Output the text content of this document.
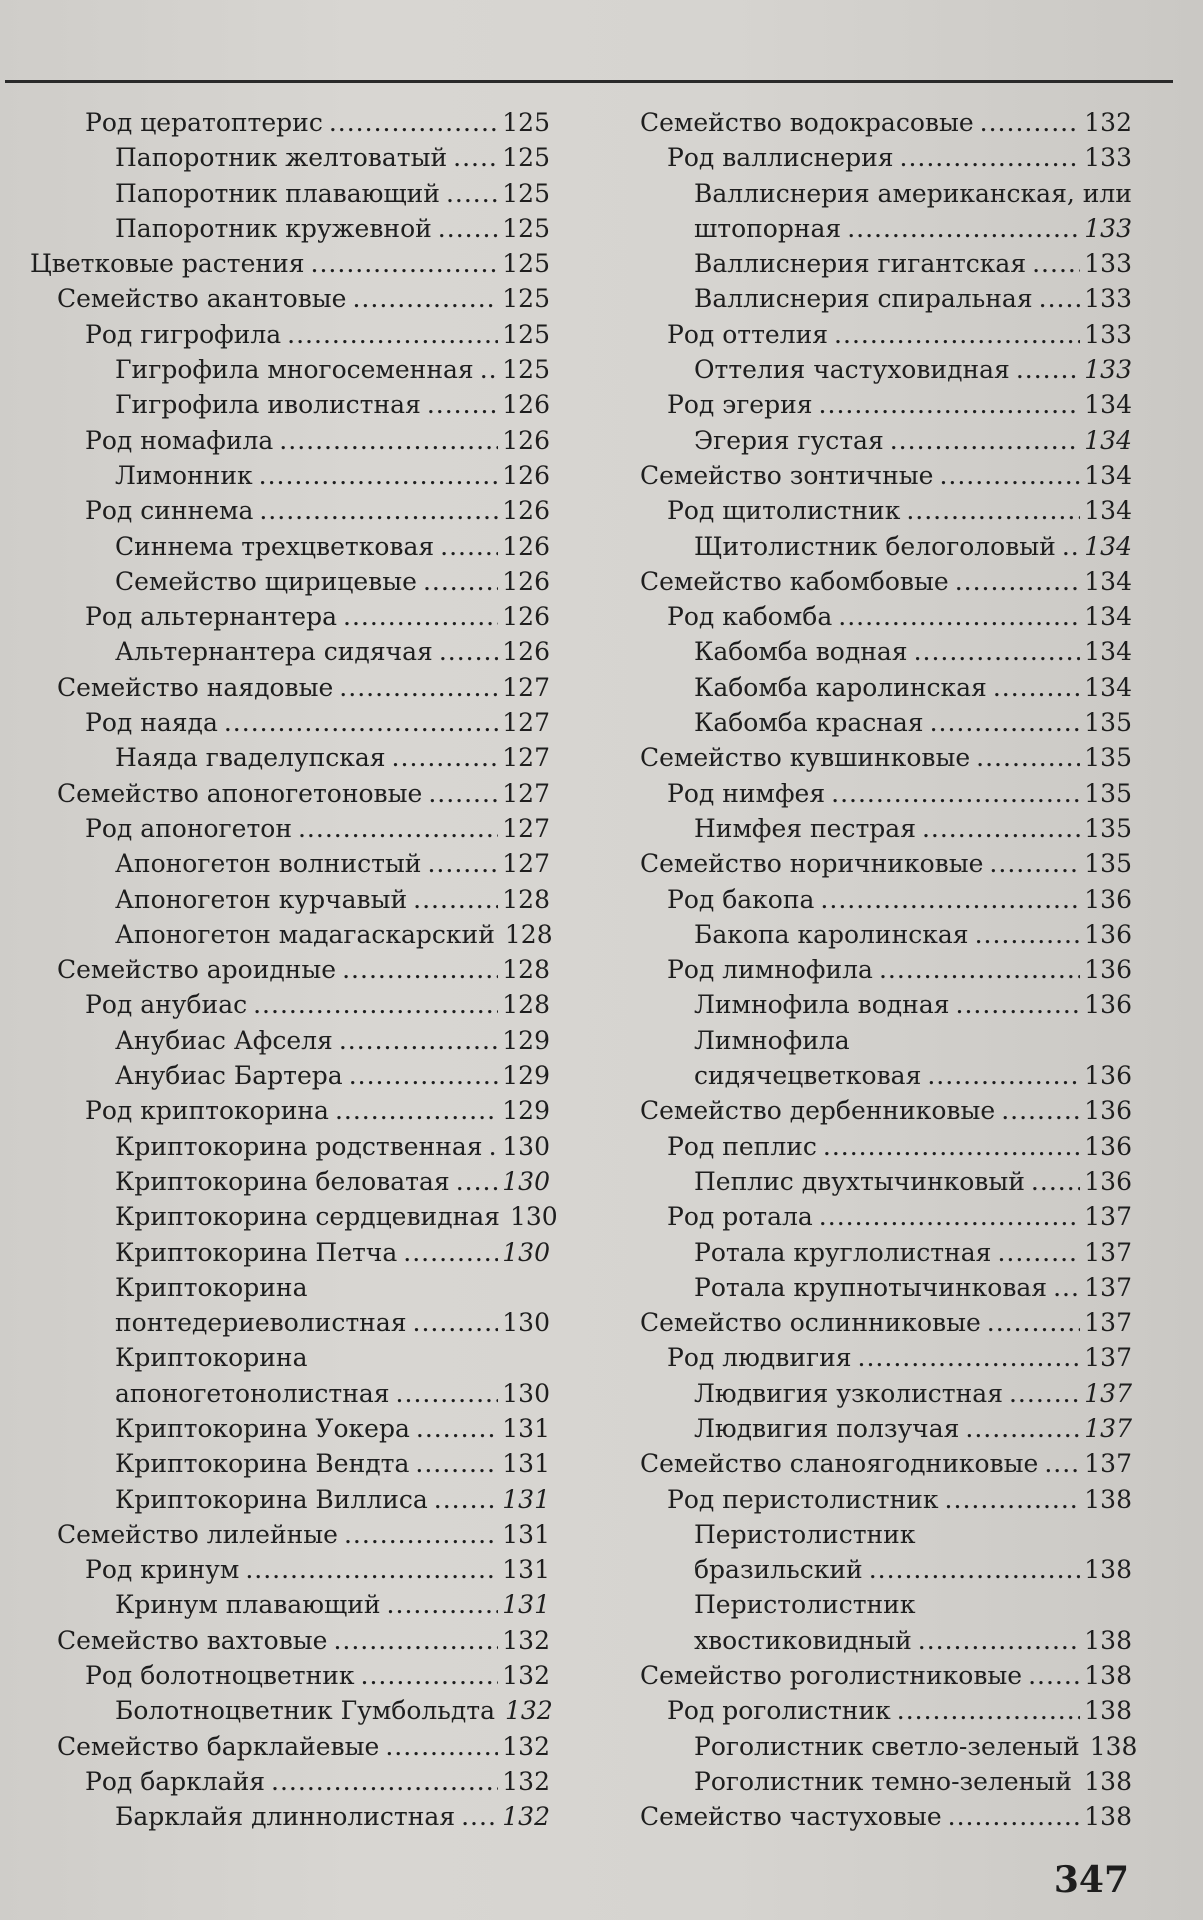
Род цератоптерис .....	125
Папоротник желтоватый ..... 125
Папоротник плавающий ..... 125
Папоротник кружевной .....	125
Цветковые растения .....	125
Семейство акантовые .....	125
Род гигрофила .....	125
Гигрофила многосеменная ..... 125
Гигрофила иволистная .....	126
Род номафила .....	126
Лимонник .....	126
Род синнема .....	126
Синнема трехцветковая .....	126
Семейство щирицевые .....	126
Род альтернантера .....	126
Альтернантера сидячая .....	126
Семейство наядовые .....	127
Род наяда .....	127
Наяда гваделупская .....	127
Семейство апоногетоновые .....	127
Род апоногетон .....	127
Апоногетон волнистый .....	127
Апоногетон курчавый .....	128
Апоногетон мадагаскарский 128
Семейство ароидные .....	128
Род анубиас .....	128
Анубиас Афселя .....	129
Анубиас Бартера .....	129
Род криптокорина .....	129
Криптокорина родственная ..... 130
Криптокорина беловатая ..... 130
Криптокорина сердцевидная 130
Криптокорина Петча .....	130
Криптокорина
понтедериеволистная .....	130
Криптокорина
апоногетонолистная .....	130
Криптокорина Уокера .....	131
Криптокорина Вендта .....	131
Криптокорина Виллиса .....	131
Семейство лилейные .....	131
Род кринум .....	131
Кринум плавающий .....	131
Семейство вахтовые .....	132
Род болотноцветник .....	132
Болотноцветник Гумбольдта 132
Семейство барклайевые .....	132
Род барклайя .....	132
Барклайя длиннолистная ..... 132
Семейство водокрасовые .....	132
Род валлиснерия .....	133
Валлиснерия американская, или
штопорная .....	133
Валлиснерия гигантская ..... 133
Валлиснерия спиральная ..... 133
Род оттелия .....	133
Оттелия частуховидная .....	133
Род эгерия .....	134
Эгерия густая .....	134
Семейство зонтичные .....	134
Род щитолистник .....	134
Щитолистник белоголовый ..... 134
Семейство кабомбовые .....	134
Род кабомба .....	134
Кабомба водная .....	134
Кабомба каролинская .....	134
Кабомба красная .....	135
Семейство кувшинковые .....	135
Род нимфея .....	135
Нимфея пестрая .....	135
Семейство норичниковые .....	135
Род бакопа .....	136
Бакопа каролинская .....	136
Род лимнофила .....	136
Лимнофила водная .....	136
Лимнофила
сидячецветковая .....	136
Семейство дербенниковые .....	136
Род пеплис .....	136
Пеплис двухтычинковый ..... 136
Род ротала .....	137
Ротала круглолистная .....	137
Ротала крупнотычинковая ..... 137
Семейство ослинниковые .....	137
Род людвигия .....	137
Людвигия узколистная .....	137
Людвигия ползучая .....	137
Семейство сланоягодниковые ..... 137
Род перистолистник .....	138
Перистолистник
бразильский .....	138
Перистолистник
хвостиковидный .....	138
Семейство роголистниковые ..... 138
Род роголистник .....	138
Роголистник светло-зеленый 138
Роголистник темно-зеленый ..... 138
Семейство частуховые .....	138
347
